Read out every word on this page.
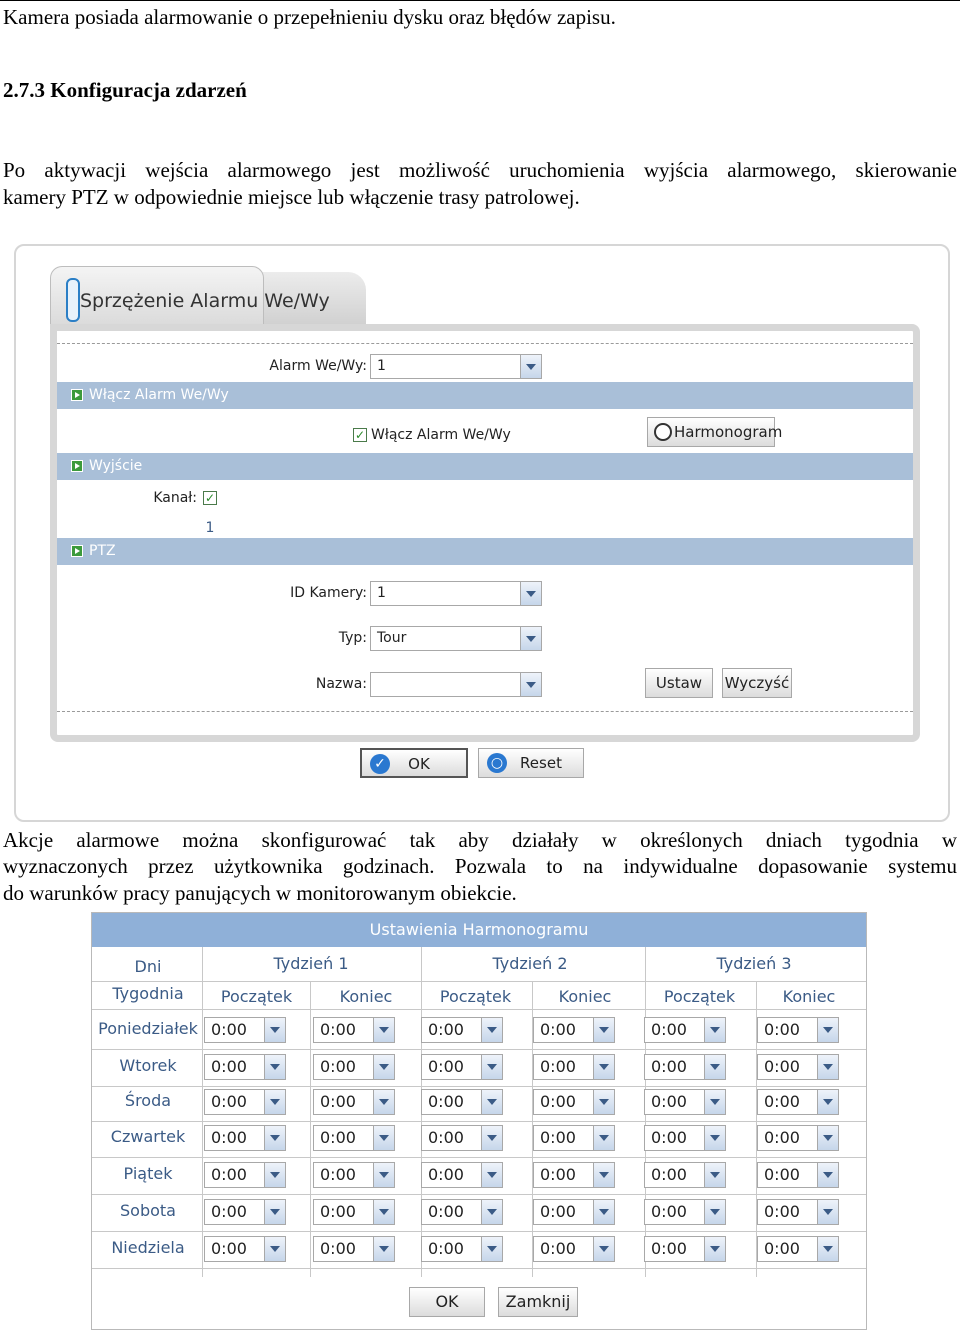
Kamera posiada alarmowanie o przepełnieniu dysku oraz błędów zapisu.

2.7.3 Konfiguracja zdarzeń

Po aktywacji wejścia alarmowego jest możliwość uruchomienia wyjścia alarmowego, skierowanie

kamery PTZ w odpowiednie miejsce lub włączenie trasy patrolowej.

Sprzężenie Alarmu We/Wy
Alarm We/Wy: 1
Włącz Alarm We/Wy
✓ Włącz Alarm We/Wy	Harmonogram
Wyjście
Kanał: ✓
1
PTZ
ID Kamery: 1
Typ: Tour
Nazwa:	Ustaw	Wyczyść
✓ OK	○ Reset

Akcje alarmowe można skonfigurować tak aby działały w określonych dniach tygodnia w

wyznaczonych przez użytkownika godzinach. Pozwala to na indywidualne dopasowanie systemu

do warunków pracy panujących w monitorowanym obiekcie.

Ustawienia Harmonogramu
Dni
Tygodnia
Tydzień 1
Początek	Koniec
Tydzień 2
Początek	Koniec
Tydzień 3
Początek	Koniec
Poniedziałek 0:00	0:00	0:00	0:00	0:00	0:00
Wtorek	0:00	0:00	0:00	0:00	0:00	0:00
Środa	0:00	0:00	0:00	0:00	0:00	0:00
Czwartek	0:00	0:00	0:00	0:00	0:00	0:00
Piątek	0:00	0:00	0:00	0:00	0:00	0:00
Sobota	0:00	0:00	0:00	0:00	0:00	0:00
Niedziela	0:00	0:00	0:00	0:00	0:00	0:00
OK	Zamknij
